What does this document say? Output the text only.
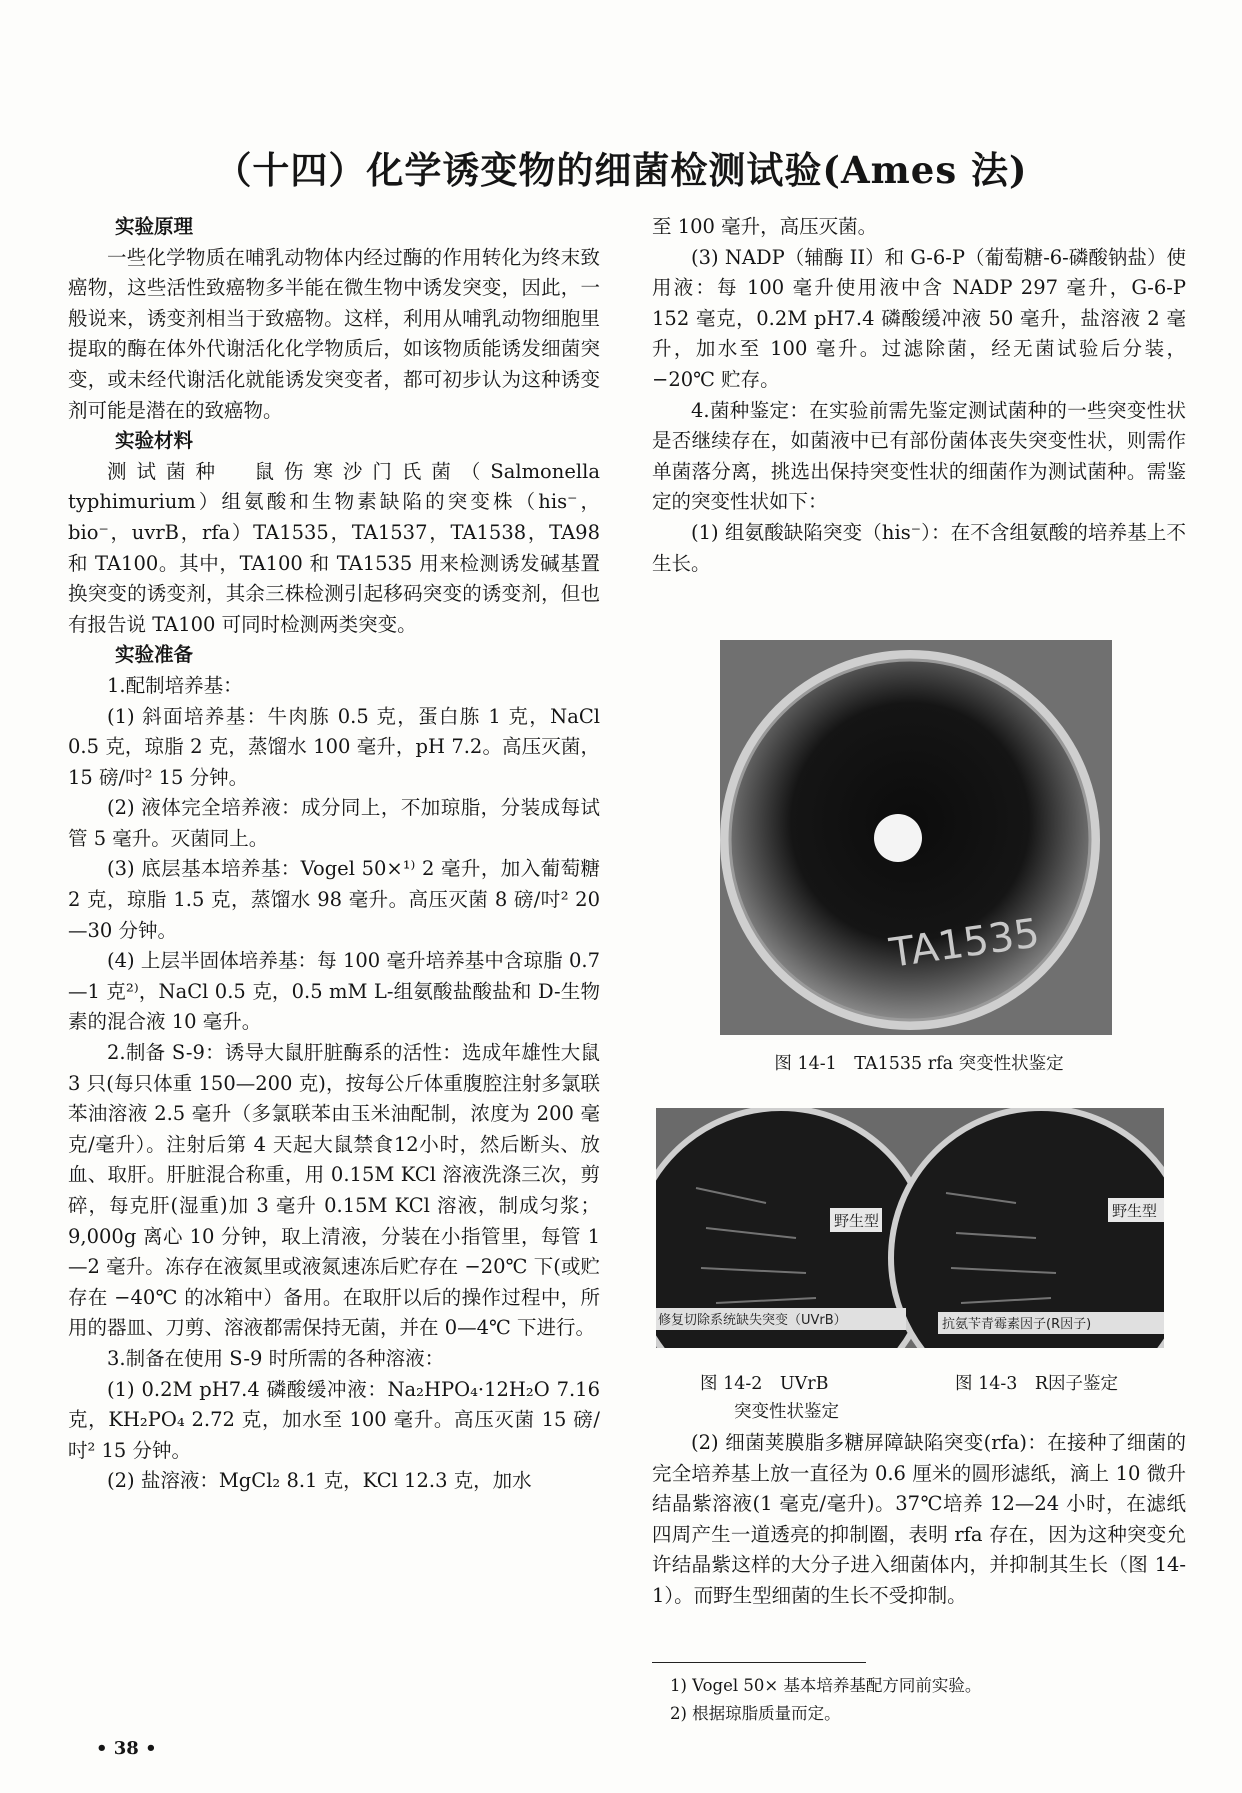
（十四）化学诱变物的细菌检测试验(Ames 法)

实验原理

一些化学物质在哺乳动物体内经过酶的作用转化为终末致癌物，这些活性致癌物多半能在微生物中诱发突变，因此，一般说来，诱变剂相当于致癌物。这样，利用从哺乳动物细胞里提取的酶在体外代谢活化化学物质后，如该物质能诱发细菌突变，或未经代谢活化就能诱发突变者，都可初步认为这种诱变剂可能是潜在的致癌物。

实验材料

测试菌种　鼠伤寒沙门氏菌（Salmonella typhimurium）组氨酸和生物素缺陷的突变株（his⁻，bio⁻，uvrB，rfa）TA1535，TA1537，TA1538，TA98 和 TA100。其中，TA100 和 TA1535 用来检测诱发碱基置换突变的诱变剂，其余三株检测引起移码突变的诱变剂，但也有报告说 TA100 可同时检测两类突变。

实验准备

1.配制培养基：

(1) 斜面培养基：牛肉胨 0.5 克，蛋白胨 1 克，NaCl 0.5 克，琼脂 2 克，蒸馏水 100 毫升，pH 7.2。高压灭菌，15 磅/吋² 15 分钟。

(2) 液体完全培养液：成分同上，不加琼脂，分装成每试管 5 毫升。灭菌同上。

(3) 底层基本培养基：Vogel 50×¹⁾ 2 毫升，加入葡萄糖 2 克，琼脂 1.5 克，蒸馏水 98 毫升。高压灭菌 8 磅/吋² 20—30 分钟。

(4) 上层半固体培养基：每 100 毫升培养基中含琼脂 0.7—1 克²⁾，NaCl 0.5 克，0.5 mM L-组氨酸盐酸盐和 D-生物素的混合液 10 毫升。

2.制备 S-9：诱导大鼠肝脏酶系的活性：选成年雄性大鼠 3 只(每只体重 150—200 克)，按每公斤体重腹腔注射多氯联苯油溶液 2.5 毫升（多氯联苯由玉米油配制，浓度为 200 毫克/毫升）。注射后第 4 天起大鼠禁食12小时，然后断头、放血、取肝。肝脏混合称重，用 0.15M KCl 溶液洗涤三次，剪碎，每克肝(湿重)加 3 毫升 0.15M KCl 溶液，制成匀浆；9,000g 离心 10 分钟，取上清液，分装在小指管里，每管 1—2 毫升。冻存在液氮里或液氮速冻后贮存在 −20℃ 下(或贮存在 −40℃ 的冰箱中）备用。在取肝以后的操作过程中，所用的器皿、刀剪、溶液都需保持无菌，并在 0—4℃ 下进行。

3.制备在使用 S-9 时所需的各种溶液：

(1) 0.2M pH7.4 磷酸缓冲液：Na₂HPO₄·12H₂O 7.16 克，KH₂PO₄ 2.72 克，加水至 100 毫升。高压灭菌 15 磅/吋² 15 分钟。

(2) 盐溶液：MgCl₂ 8.1 克，KCl 12.3 克，加水

至 100 毫升，高压灭菌。

(3) NADP（辅酶 II）和 G-6-P（葡萄糖-6-磷酸钠盐）使用液：每 100 毫升使用液中含 NADP 297 毫升，G-6-P 152 毫克，0.2M pH7.4 磷酸缓冲液 50 毫升，盐溶液 2 毫升，加水至 100 毫升。过滤除菌，经无菌试验后分装，−20℃ 贮存。

4.菌种鉴定：在实验前需先鉴定测试菌种的一些突变性状是否继续存在，如菌液中已有部份菌体丧失突变性状，则需作单菌落分离，挑选出保持突变性状的细菌作为测试菌种。需鉴定的突变性状如下：

(1) 组氨酸缺陷突变（his⁻）：在不含组氨酸的培养基上不生长。

TA1535
图 14-1　TA1535 rfa 突变性状鉴定
野生型
野生型
修复切除系统缺失突变（UVrB）	抗氨苄青霉素因子(R因子)
图 14-2　UVrB
突变性状鉴定
图 14-3　R因子鉴定

(2) 细菌荚膜脂多糖屏障缺陷突变(rfa)：在接种了细菌的完全培养基上放一直径为 0.6 厘米的圆形滤纸，滴上 10 微升结晶紫溶液(1 毫克/毫升)。37℃培养 12—24 小时，在滤纸四周产生一道透亮的抑制圈，表明 rfa 存在，因为这种突变允许结晶紫这样的大分子进入细菌体内，并抑制其生长（图 14-1）。而野生型细菌的生长不受抑制。

1) Vogel 50× 基本培养基配方同前实验。
2) 根据琼脂质量而定。
• 38 •
